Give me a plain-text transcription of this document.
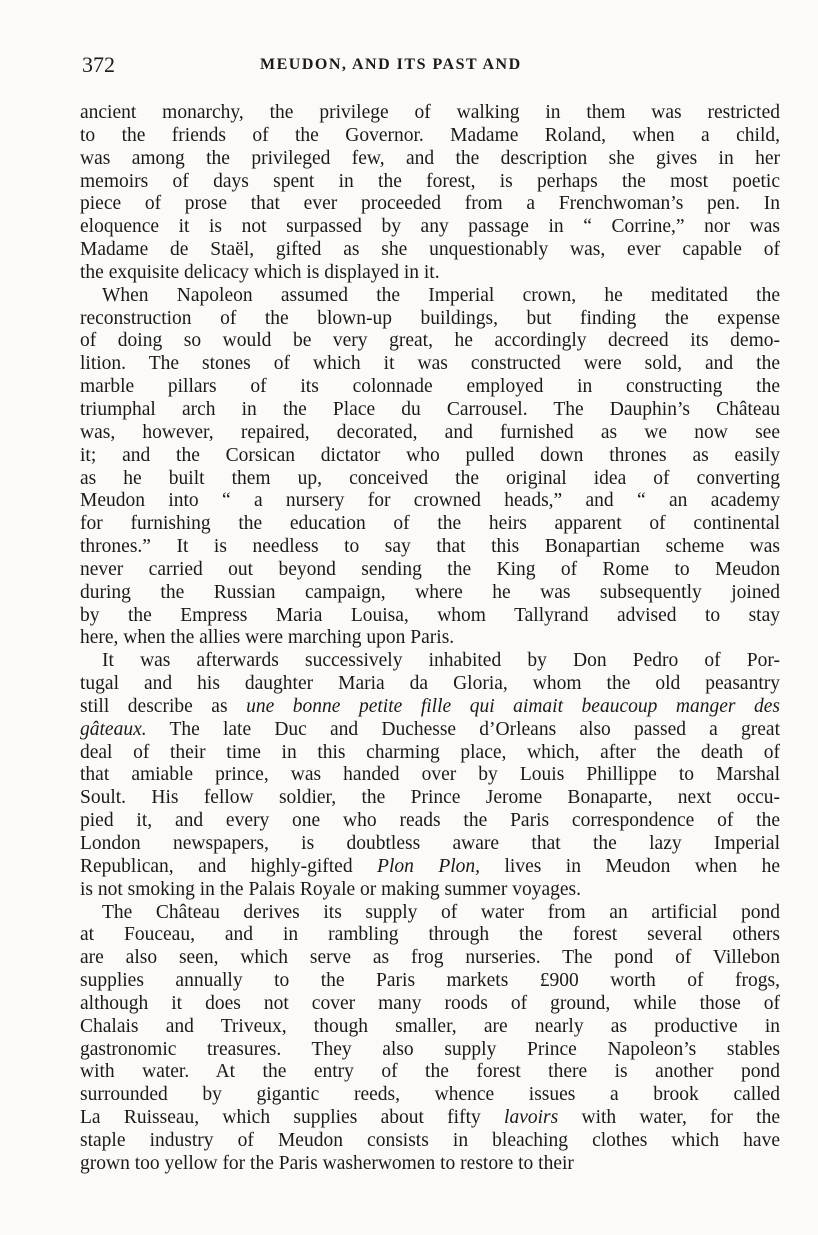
372	MEUDON, AND ITS PAST AND
ancient monarchy, the privilege of walking in them was restricted
to the friends of the Governor. Madame Roland, when a child,
was among the privileged few, and the description she gives in her
memoirs of days spent in the forest, is perhaps the most poetic
piece of prose that ever proceeded from a Frenchwoman’s pen. In
eloquence it is not surpassed by any passage in “ Corrine,” nor was
Madame de Staël, gifted as she unquestionably was, ever capable of
the exquisite delicacy which is displayed in it.
When Napoleon assumed the Imperial crown, he meditated the
reconstruction of the blown-up buildings, but finding the expense
of doing so would be very great, he accordingly decreed its demo-
lition. The stones of which it was constructed were sold, and the
marble pillars of its colonnade employed in constructing the
triumphal arch in the Place du Carrousel. The Dauphin’s Château
was, however, repaired, decorated, and furnished as we now see
it; and the Corsican dictator who pulled down thrones as easily
as he built them up, conceived the original idea of converting
Meudon into “ a nursery for crowned heads,” and “ an academy
for furnishing the education of the heirs apparent of continental
thrones.” It is needless to say that this Bonapartian scheme was
never carried out beyond sending the King of Rome to Meudon
during the Russian campaign, where he was subsequently joined
by the Empress Maria Louisa, whom Tallyrand advised to stay
here, when the allies were marching upon Paris.
It was afterwards successively inhabited by Don Pedro of Por-
tugal and his daughter Maria da Gloria, whom the old peasantry
still describe as une bonne petite fille qui aimait beaucoup manger des
gâteaux. The late Duc and Duchesse d’Orleans also passed a great
deal of their time in this charming place, which, after the death of
that amiable prince, was handed over by Louis Phillippe to Marshal
Soult. His fellow soldier, the Prince Jerome Bonaparte, next occu-
pied it, and every one who reads the Paris correspondence of the
London newspapers, is doubtless aware that the lazy Imperial
Republican, and highly-gifted Plon Plon, lives in Meudon when he
is not smoking in the Palais Royale or making summer voyages.
The Château derives its supply of water from an artificial pond
at Fouceau, and in rambling through the forest several others
are also seen, which serve as frog nurseries. The pond of Villebon
supplies annually to the Paris markets £900 worth of frogs,
although it does not cover many roods of ground, while those of
Chalais and Triveux, though smaller, are nearly as productive in
gastronomic treasures. They also supply Prince Napoleon’s stables
with water. At the entry of the forest there is another pond
surrounded by gigantic reeds, whence issues a brook called
La Ruisseau, which supplies about fifty lavoirs with water, for the
staple industry of Meudon consists in bleaching clothes which have
grown too yellow for the Paris washerwomen to restore to their
